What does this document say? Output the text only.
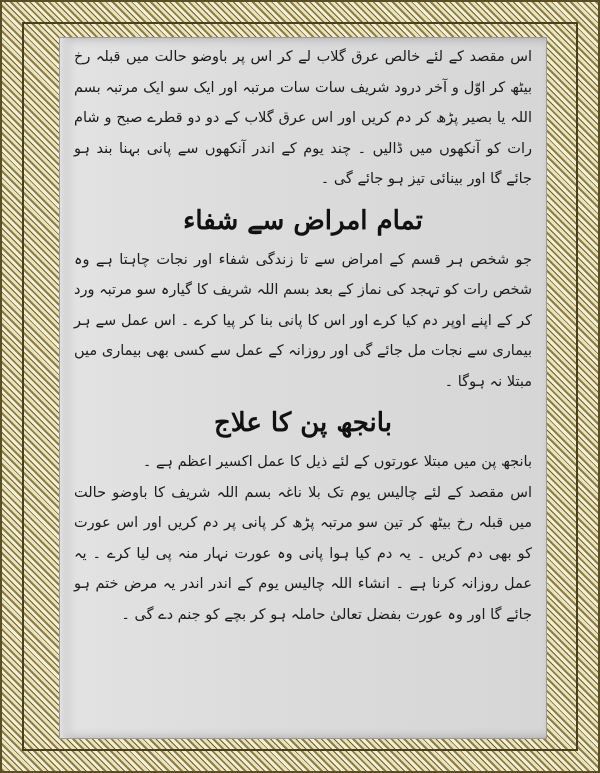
اس مقصد کے لئے خالص عرق گلاب لے کر اس پر باوضو حالت میں قبلہ رخ بیٹھ کر اوّل و آخر درود شریف سات سات مرتبہ اور ایک سو ایک مرتبہ بسم اللہ یا بصیر پڑھ کر دم کریں اور اس عرق گلاب کے دو دو قطرے صبح و شام رات کو آنکھوں میں ڈالیں ۔ چند یوم کے اندر آنکھوں سے پانی بہنا بند ہو جائے گا اور بینائی تیز ہو جائے گی ۔

تمام امراض سے شفاء

جو شخص ہر قسم کے امراض سے تا زندگی شفاء اور نجات چاہتا ہے وہ شخص رات کو تہجد کی نماز کے بعد بسم اللہ شریف کا گیارہ سو مرتبہ ورد کر کے اپنے اوپر دم کیا کرے اور اس کا پانی بنا کر پیا کرے ۔ اس عمل سے ہر بیماری سے نجات مل جائے گی اور روزانہ کے عمل سے کسی بھی بیماری میں مبتلا نہ ہوگا ۔

بانجھ پن کا علاج

بانجھ پن میں مبتلا عورتوں کے لئے ذیل کا عمل اکسیر اعظم ہے ۔

اس مقصد کے لئے چالیس یوم تک بلا ناغہ بسم اللہ شریف کا باوضو حالت میں قبلہ رخ بیٹھ کر تین سو مرتبہ پڑھ کر پانی پر دم کریں اور اس عورت کو بھی دم کریں ۔ یہ دم کیا ہوا پانی وہ عورت نہار منہ پی لیا کرے ۔ یہ عمل روزانہ کرنا ہے ۔ انشاء اللہ چالیس یوم کے اندر اندر یہ مرض ختم ہو جائے گا اور وہ عورت بفضل تعالیٰ حاملہ ہو کر بچے کو جنم دے گی ۔
